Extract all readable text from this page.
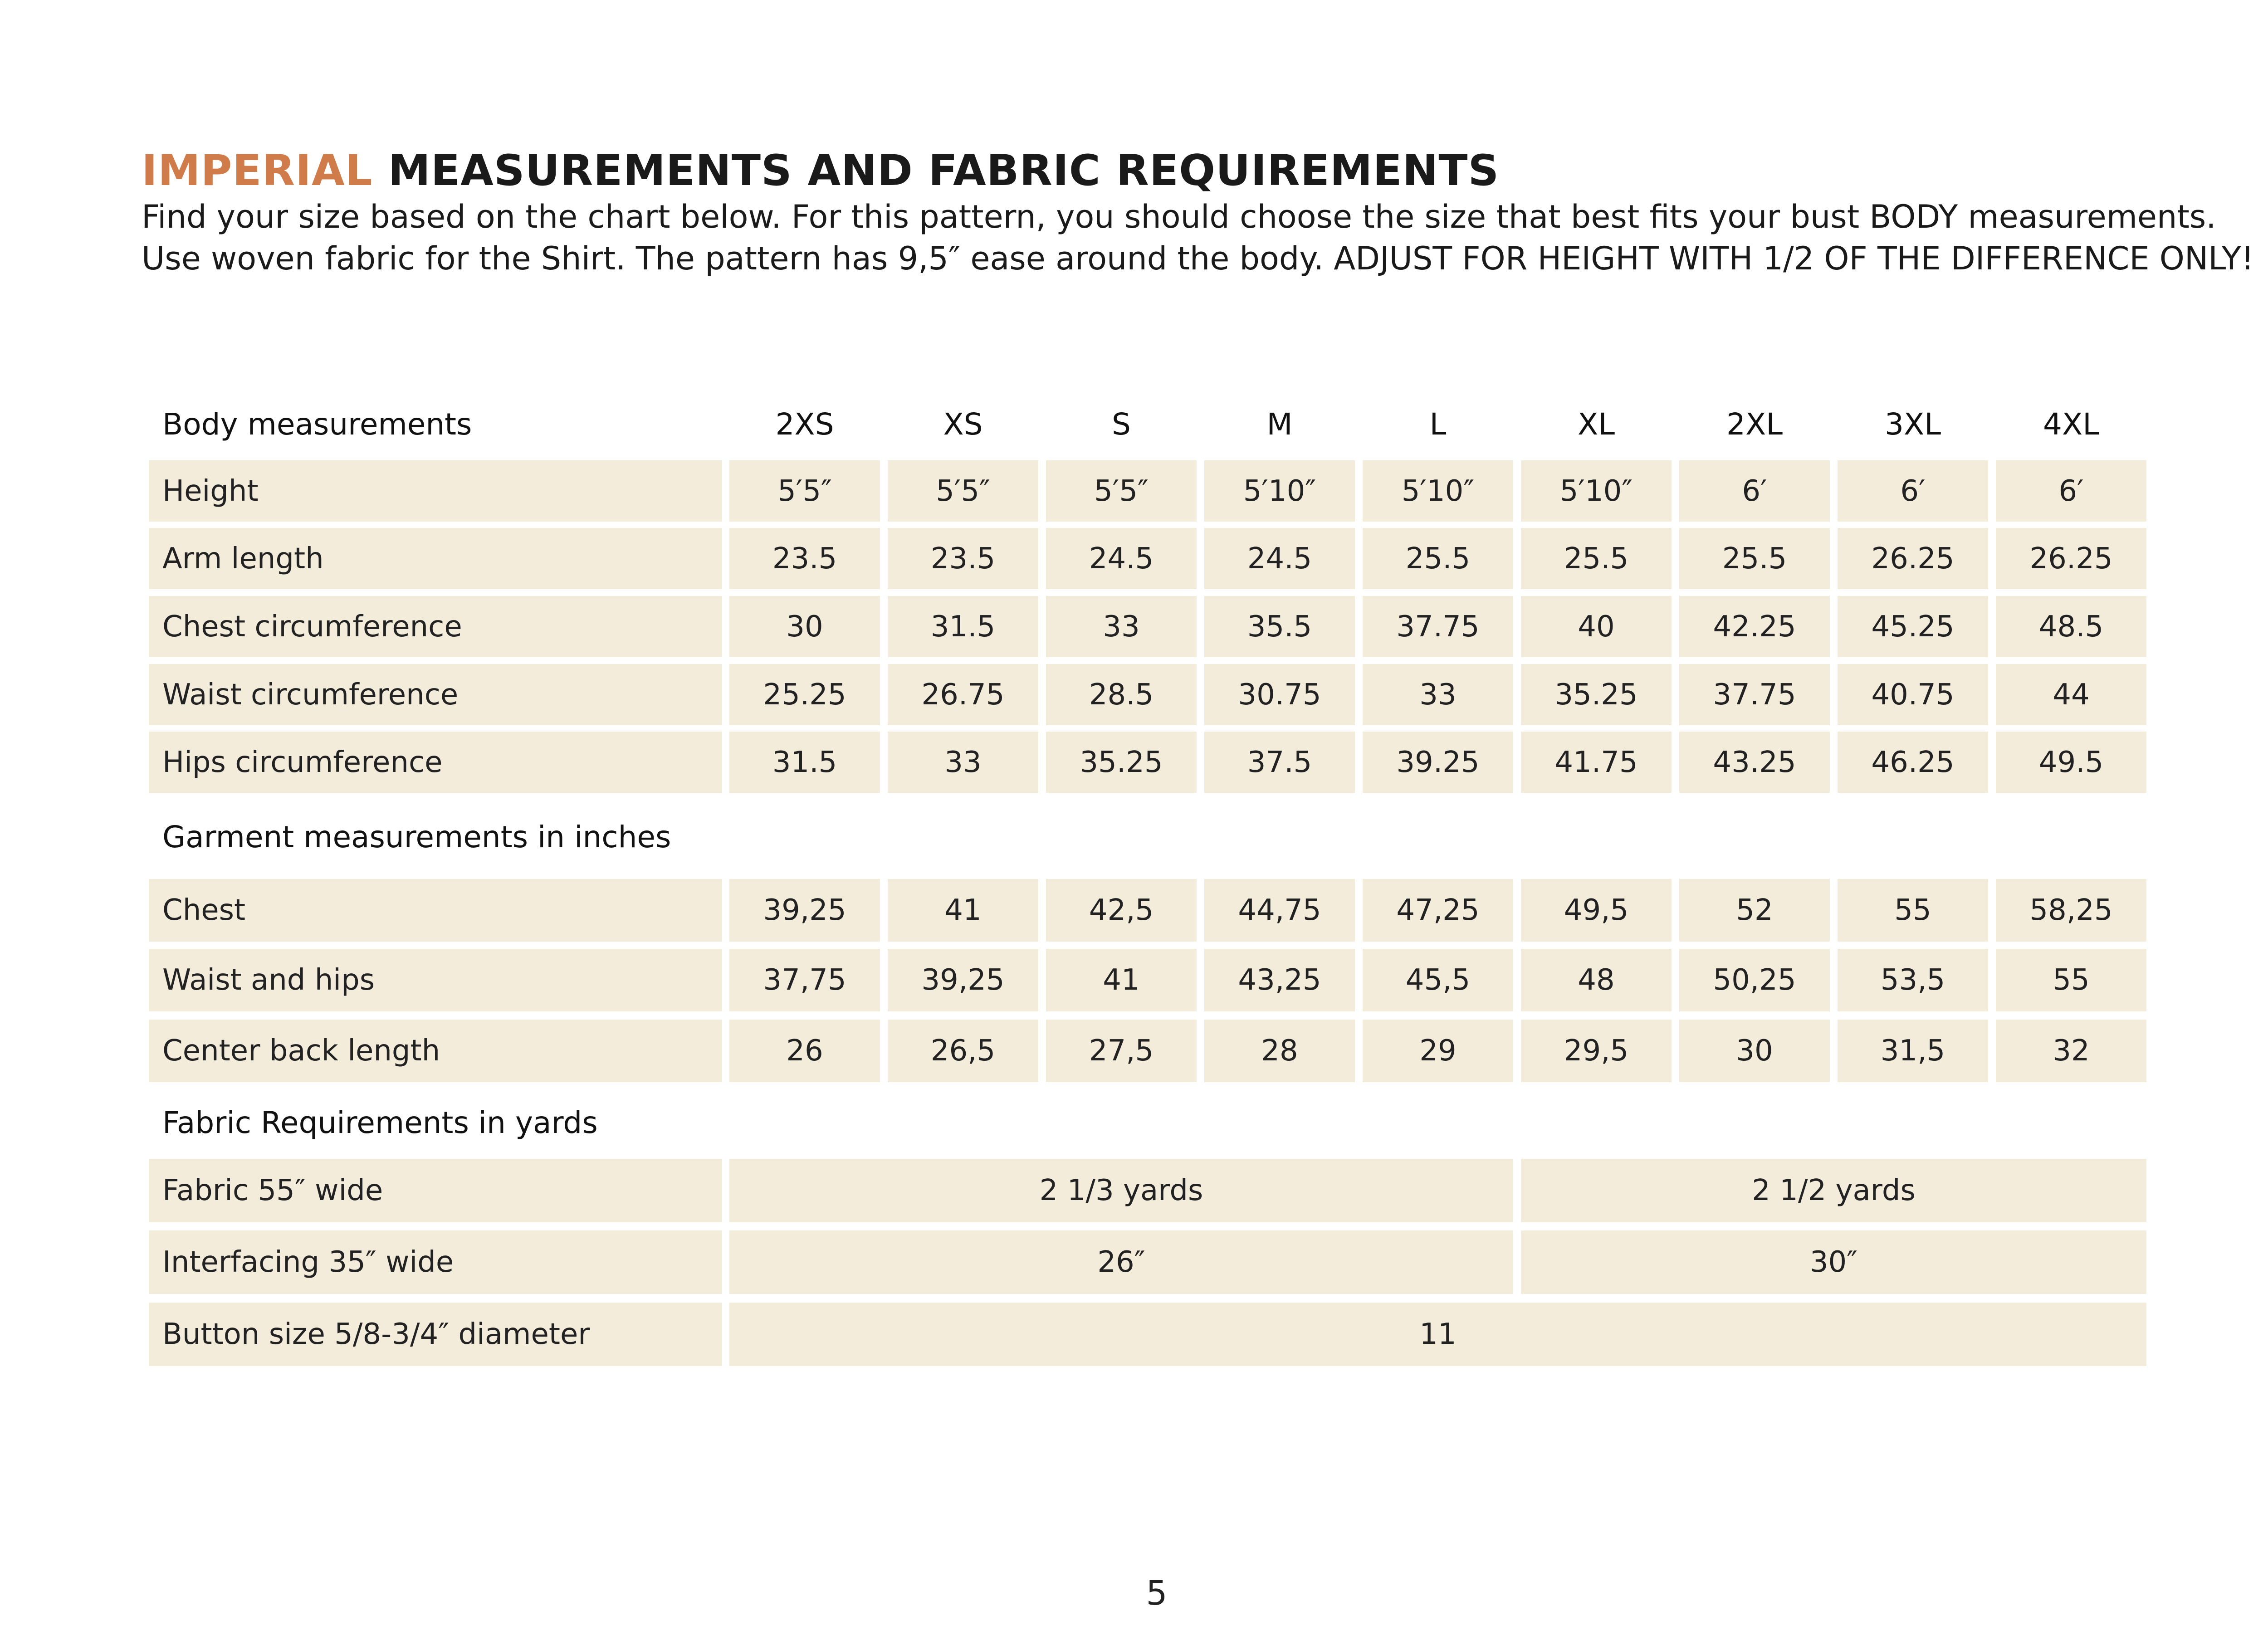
IMPERIAL MEASUREMENTS AND FABRIC REQUIREMENTS
Find your size based on the chart below. For this pattern, you should choose the size that best fits your bust BODY measurements.
Use woven fabric for the Shirt. The pattern has 9,5″ ease around the body. ADJUST FOR HEIGHT WITH 1/2 OF THE DIFFERENCE ONLY!
Body measurements	2XS	XS	S	M	L	XL	2XL	3XL	4XL
Height	5′5″	5′5″	5′5″	5′10″	5′10″	5′10″	6′	6′	6′
Arm length	23.5	23.5	24.5	24.5	25.5	25.5	25.5	26.25	26.25
Chest circumference	30	31.5	33	35.5	37.75	40	42.25	45.25	48.5
Waist circumference	25.25	26.75	28.5	30.75	33	35.25	37.75	40.75	44
Hips circumference	31.5	33	35.25	37.5	39.25	41.75	43.25	46.25	49.5
Garment measurements in inches
Chest	39,25	41	42,5	44,75	47,25	49,5	52	55	58,25
Waist and hips	37,75	39,25	41	43,25	45,5	48	50,25	53,5	55
Center back length	26	26,5	27,5	28	29	29,5	30	31,5	32
Fabric Requirements in yards
Fabric 55″ wide	2 1/3 yards	2 1/2 yards
Interfacing 35″ wide	26″	30″
Button size 5/8-3/4″ diameter	11
5
